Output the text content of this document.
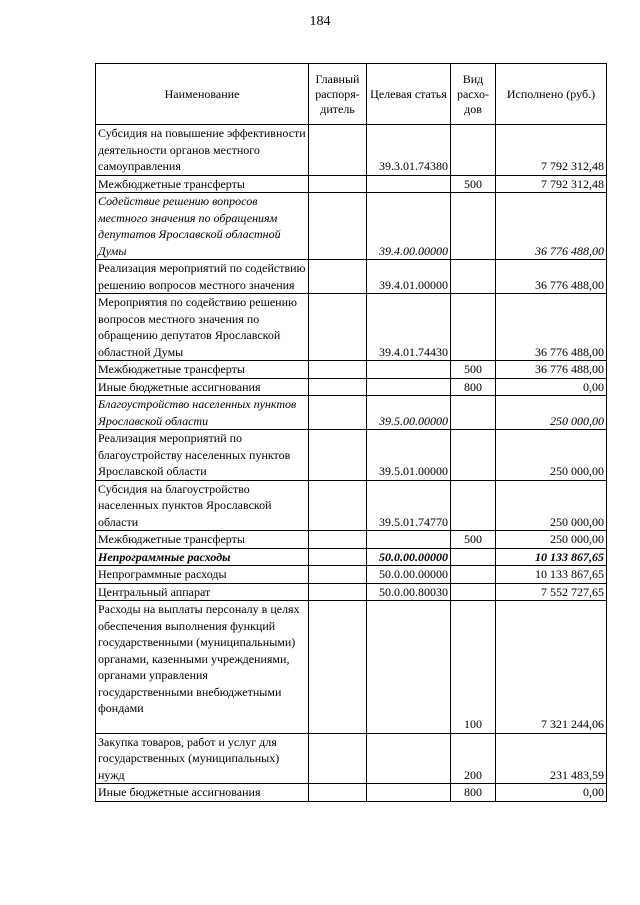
184
Наименование	Главный распоря-дитель	Целевая статья	Вид расхо-дов	Исполнено (руб.)
Субсидия на повышение эффективности деятельности органов местного самоуправления		39.3.01.74380		7 792 312,48
Межбюджетные трансферты			500	7 792 312,48
Содействие решению вопросов местного значения по обращениям депутатов Ярославской областной Думы		39.4.00.00000		36 776 488,00
Реализация мероприятий по содействию решению вопросов местного значения		39.4.01.00000		36 776 488,00
Мероприятия по содействию решению вопросов местного значения по обращению депутатов Ярославской областной Думы		39.4.01.74430		36 776 488,00
Межбюджетные трансферты			500	36 776 488,00
Иные бюджетные ассигнования			800	0,00
Благоустройство населенных пунктов Ярославской области		39.5.00.00000		250 000,00
Реализация мероприятий по благоустройству населенных пунктов Ярославской области		39.5.01.00000		250 000,00
Субсидия на благоустройство населенных пунктов Ярославской области		39.5.01.74770		250 000,00
Межбюджетные трансферты			500	250 000,00
Непрограммные расходы		50.0.00.00000		10 133 867,65
Непрограммные расходы		50.0.00.00000		10 133 867,65
Центральный аппарат		50.0.00.80030		7 552 727,65
Расходы на выплаты персоналу в целях обеспечения выполнения функций государственными (муниципальными) органами, казенными учреждениями, органами управления государственными внебюджетными фондами			100	7 321 244,06
Закупка товаров, работ и услуг для государственных (муниципальных) нужд			200	231 483,59
Иные бюджетные ассигнования			800	0,00
